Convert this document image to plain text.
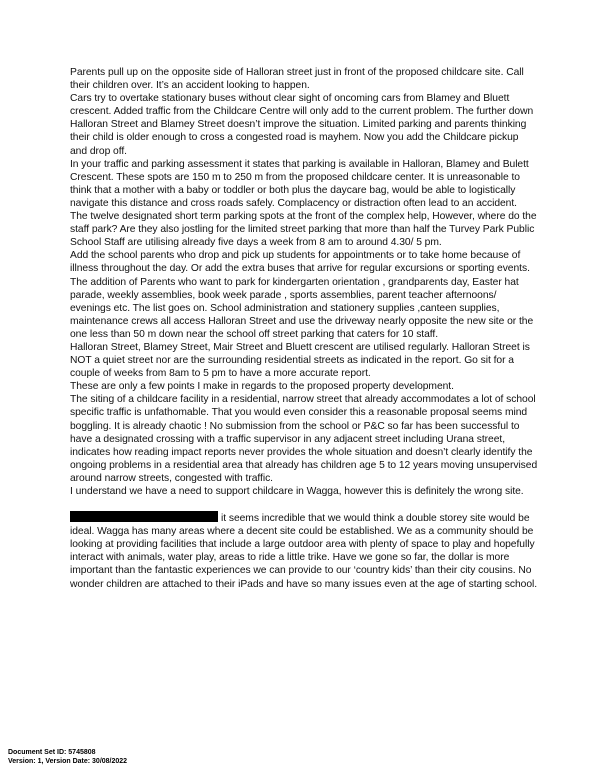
Parents pull up on the opposite side of Halloran street just in front of the proposed childcare site. Call their children over. It’s an accident looking to happen.

Cars try to overtake stationary buses without clear sight of oncoming cars from Blamey and Bluett crescent. Added traffic from the Childcare Centre will only add to the current problem. The further down Halloran Street and Blamey Street doesn’t improve the situation. Limited parking and parents thinking their child is older enough to cross a congested road is mayhem. Now you add the Childcare pickup and drop off.

In your traffic and parking assessment it states that parking is available in Halloran, Blamey and Bulett Crescent. These spots are 150 m to 250 m from the proposed childcare center. It is unreasonable to think that a mother with a baby or toddler or both plus the daycare bag, would be able to logistically navigate this distance and cross roads safely. Complacency or distraction often lead to an accident.

The twelve designated short term parking spots at the front of the complex help, However, where do the staff park? Are they also jostling for the limited street parking that more than half the Turvey Park Public School Staff are utilising already five days a week from 8 am to around 4.30/ 5 pm.

Add the school parents who drop and pick up students for appointments or to take home because of illness throughout the day. Or add the extra buses that arrive for regular excursions or sporting events. The addition of Parents who want to park for kindergarten orientation , grandparents day, Easter hat parade, weekly assemblies, book week parade , sports assemblies, parent teacher afternoons/ evenings etc. The list goes on. School administration and stationery supplies ,canteen supplies, maintenance crews all access Halloran Street and use the driveway nearly opposite the new site or the one less than 50 m down near the school off street parking that caters for 10 staff.

Halloran Street, Blamey Street, Mair Street and Bluett crescent are utilised regularly. Halloran Street is NOT a quiet street nor are the surrounding residential streets as indicated in the report. Go sit for a couple of weeks from 8am to 5 pm to have a more accurate report.

These are only a few points I make in regards to the proposed property development.

The siting of a childcare facility in a residential, narrow street that already accommodates a lot of school specific traffic is unfathomable. That you would even consider this a reasonable proposal seems mind boggling. It is already chaotic ! No submission from the school or P&C so far has been successful to have a designated crossing with a traffic supervisor in any adjacent street including Urana street, indicates how reading impact reports never provides the whole situation and doesn’t clearly identify the ongoing problems in a residential area that already has children age 5 to 12 years moving unsupervised around narrow streets, congested with traffic.

I understand we have a need to support childcare in Wagga, however this is definitely the wrong site.

it seems incredible that we would think a double storey site would be ideal. Wagga has many areas where a decent site could be established. We as a community should be looking at providing facilities that include a large outdoor area with plenty of space to play and hopefully interact with animals, water play, areas to ride a little trike. Have we gone so far, the dollar is more important than the fantastic experiences we can provide to our ‘country kids’ than their city cousins. No wonder children are attached to their iPads and have so many issues even at the age of starting school.

Document Set ID: 5745808
Version: 1, Version Date: 30/08/2022
